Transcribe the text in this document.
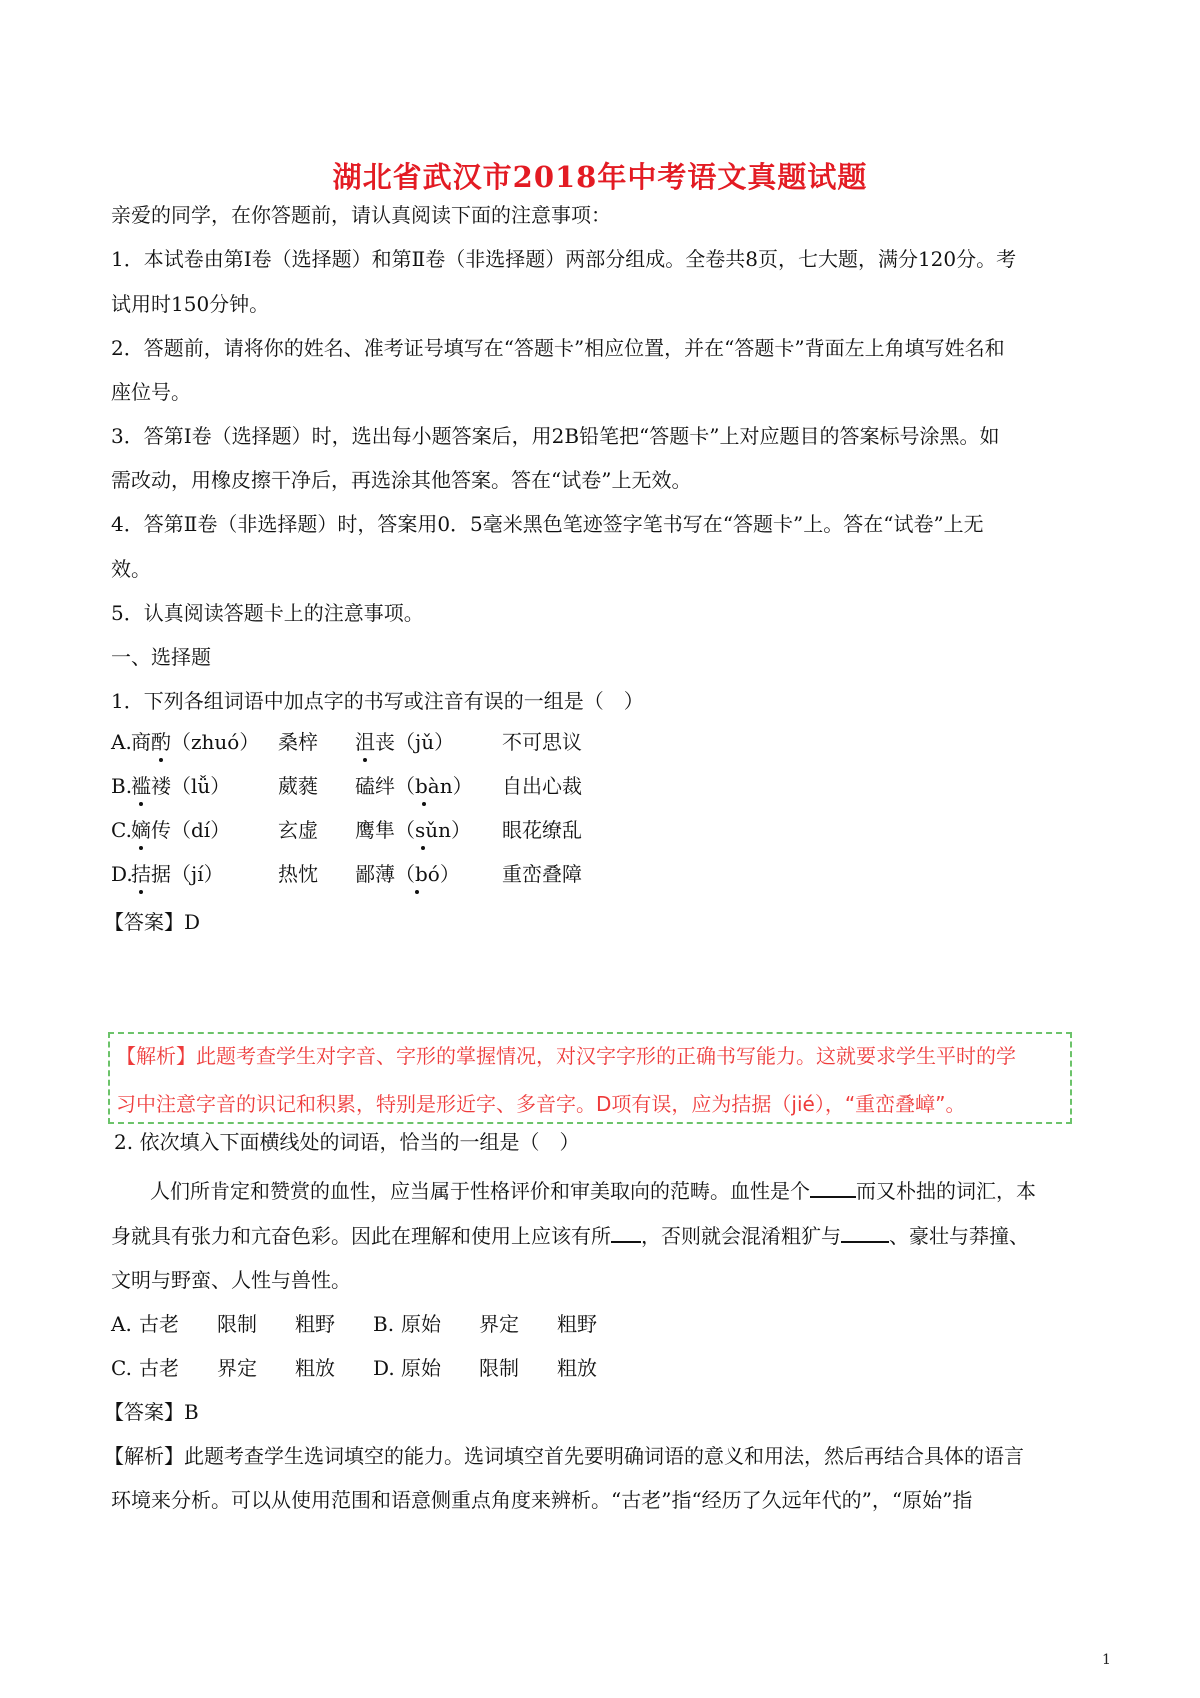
湖北省武汉市2018年中考语文真题试题
亲爱的同学，在你答题前，请认真阅读下面的注意事项：
1．本试卷由第Ⅰ卷（选择题）和第Ⅱ卷（非选择题）两部分组成。全卷共8页，七大题，满分120分。考
试用时150分钟。
2．答题前，请将你的姓名、准考证号填写在“答题卡”相应位置，并在“答题卡”背面左上角填写姓名和
座位号。
3．答第Ⅰ卷（选择题）时，选出每小题答案后，用2B铅笔把“答题卡”上对应题目的答案标号涂黑。如
需改动，用橡皮擦干净后，再选涂其他答案。答在“试卷”上无效。
4．答第Ⅱ卷（非选择题）时，答案用0．5毫米黑色笔迹签字笔书写在“答题卡”上。答在“试卷”上无
效。
5．认真阅读答题卡上的注意事项。
一、选择题
1．下列各组词语中加点字的书写或注音有误的一组是（　）
A. 商酌（zhuó） 桑梓 沮丧（jǔ） 不可思议
B.
褴褛（lǚ） 葳蕤 磕绊（bàn） 自出心裁
C. 嫡传（dí） 玄虚 鹰隼（sǔn） 眼花缭乱
D.
拮据（jí）	热忱 鄙薄（bó） 重峦叠障
【答案】D
【解析】此题考查学生对字音、字形的掌握情况，对汉字字形的正确书写能力。这就要求学生平时的学
习中注意字音的识记和积累，特别是形近字、多音字。D项有误，应为拮据（jié），“重峦叠嶂”。
2. 依次填入下面横线处的词语，恰当的一组是（　）
人们所肯定和赞赏的血性，应当属于性格评价和审美取向的范畴。血性是个 而又朴拙的词汇，本
身就具有张力和亢奋色彩。因此在理解和使用上应该有所 ，否则就会混淆粗犷与 、豪壮与莽撞、
文明与野蛮、人性与兽性。
A. 古老 限制 粗野 B. 原始 界定 粗野
C. 古老 界定 粗放 D. 原始 限制 粗放
【答案】B
【解析】此题考查学生选词填空的能力。选词填空首先要明确词语的意义和用法，然后再结合具体的语言
环境来分析。可以从使用范围和语意侧重点角度来辨析。“古老”指“经历了久远年代的”，“原始”指
1
